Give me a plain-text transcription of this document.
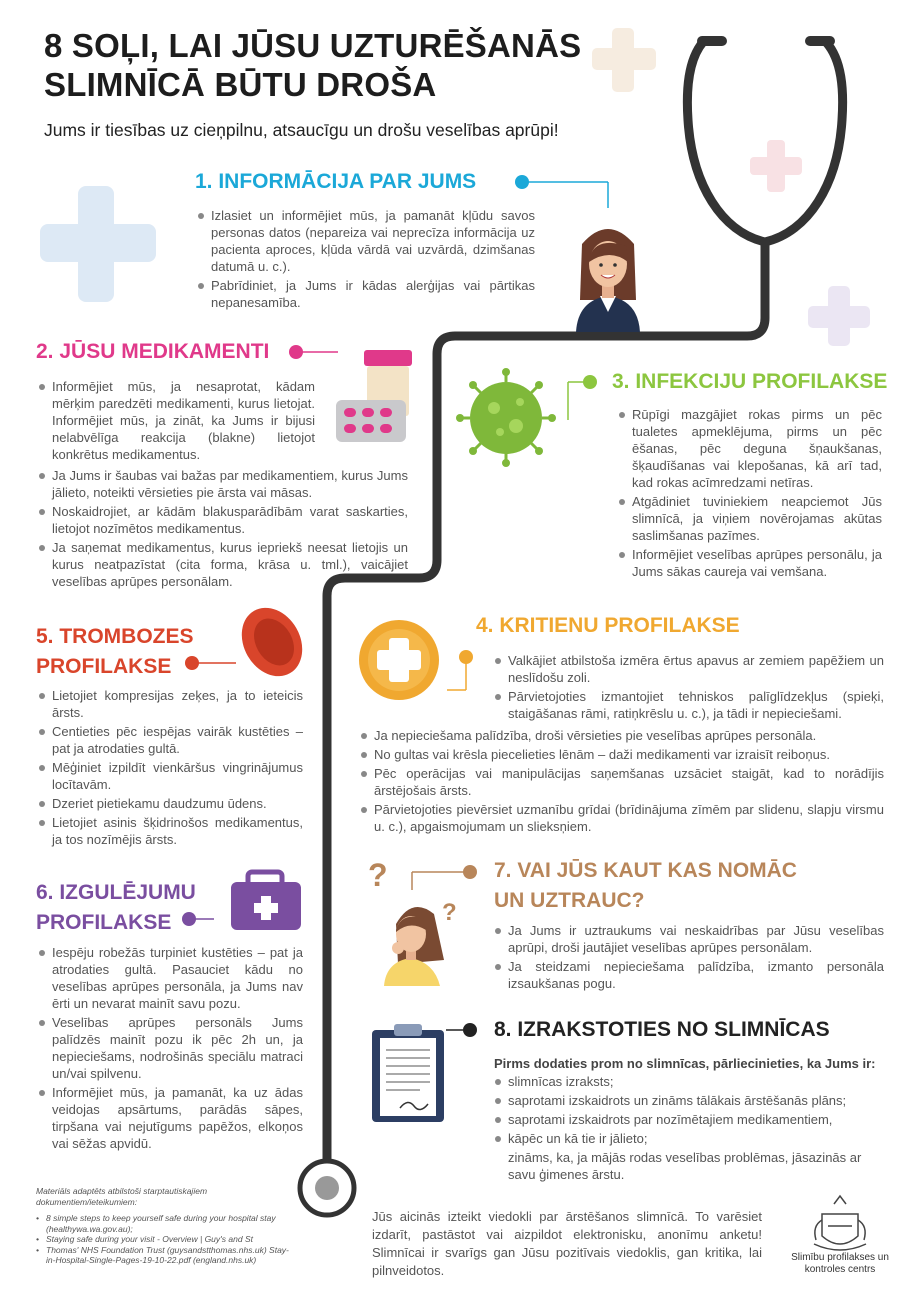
?
?
8 SOĻI, LAI JŪSU UZTURĒŠANĀS
SLIMNĪCĀ BŪTU DROŠA

Jums ir tiesības uz cieņpilnu, atsaucīgu un drošu veselības aprūpi!

1. INFORMĀCIJA PAR JUMS
Izlasiet un informējiet mūs, ja pamanāt kļūdu savos personas datos (nepareiza vai neprecīza informācija uz pacienta aproces, kļūda vārdā vai uzvārdā, dzimšanas datumā u. c.).
Pabrīdiniet, ja Jums ir kādas alerģijas vai pārtikas nepanesamība.
2. JŪSU MEDIKAMENTI
Informējiet mūs, ja nesaprotat, kādam mērķim paredzēti medikamenti, kurus lietojat. Informējiet mūs, ja zināt, ka Jums ir bijusi nelabvēlīga reakcija (blakne) lietojot konkrētus medikamentus.
Ja Jums ir šaubas vai bažas par medikamentiem, kurus Jums jālieto, noteikti vērsieties pie ārsta vai māsas.
Noskaidrojiet, ar kādām blakusparādībām varat saskarties, lietojot nozīmētos medikamentus.
Ja saņemat medikamentus, kurus iepriekš neesat lietojis un kurus neatpazīstat (cita forma, krāsa u. tml.), vaicājiet veselības aprūpes personālam.
3. INFEKCIJU PROFILAKSE
Rūpīgi mazgājiet rokas pirms un pēc tualetes apmeklējuma, pirms un pēc ēšanas, pēc deguna šņaukšanas, šķaudīšanas vai klepošanas, kā arī tad, kad rokas acīmredzami netīras.
Atgādiniet tuviniekiem neapciemot Jūs slimnīcā, ja viņiem novērojamas akūtas saslimšanas pazīmes.
Informējiet veselības aprūpes personālu, ja Jums sākas caureja vai vemšana.
4. KRITIENU PROFILAKSE
Valkājiet atbilstoša izmēra ērtus apavus ar zemiem papēžiem un neslīdošu zoli.
Pārvietojoties izmantojiet tehniskos palīglīdzekļus (spieķi, staigāšanas rāmi, ratiņkrēslu u. c.), ja tādi ir nepieciešami.
Ja nepieciešama palīdzība, droši vērsieties pie veselības aprūpes personāla.
No gultas vai krēsla piecelieties lēnām – daži medikamenti var izraisīt reiboņus.
Pēc operācijas vai manipulācijas saņemšanas uzsāciet staigāt, kad to norādījis ārstējošais ārsts.
Pārvietojoties pievērsiet uzmanību grīdai (brīdinājuma zīmēm par slidenu, slapju virsmu u. c.), apgaismojumam un slieksņiem.
5. TROMBOZES
PROFILAKSE
Lietojiet kompresijas zeķes, ja to ieteicis ārsts.
Centieties pēc iespējas vairāk kustēties – pat ja atrodaties gultā.
Mēģiniet izpildīt vienkāršus vingrinājumus locītavām.
Dzeriet pietiekamu daudzumu ūdens.
Lietojiet asinis šķidrinošos medikamentus, ja tos nozīmējis ārsts.
6. IZGULĒJUMU
PROFILAKSE
Iespēju robežās turpiniet kustēties – pat ja atrodaties gultā. Pasauciet kādu no veselības aprūpes personāla, ja Jums nav ērti un nevarat mainīt savu pozu.
Veselības aprūpes personāls Jums palīdzēs mainīt pozu ik pēc 2h un, ja nepieciešams, nodrošinās speciālu matraci un/vai spilvenu.
Informējiet mūs, ja pamanāt, ka uz ādas veidojas apsārtums, parādās sāpes, tirpšana vai nejutīgums papēžos, elkoņos vai sēžas apvidū.
7. VAI JŪS KAUT KAS NOMĀC
UN UZTRAUC?
Ja Jums ir uztraukums vai neskaidrības par Jūsu veselības aprūpi, droši jautājiet veselības aprūpes personālam.
Ja steidzami nepieciešama palīdzība, izmanto personāla izsaukšanas pogu.
8. IZRAKSTOTIES NO SLIMNĪCAS

Pirms dodaties prom no slimnīcas, pārliecinieties, ka Jums ir:

slimnīcas izraksts;
saprotami izskaidrots un zināms tālākais ārstēšanās plāns;
saprotami izskaidrots par nozīmētajiem medikamentiem,
kāpēc un kā tie ir jālieto;

zināms, ka, ja mājās rodas veselības problēmas, jāsazinās ar savu ģimenes ārstu.

Materiāls adaptēts atbilstoši starptautiskajiem dokumentiem/ieteikumiem:

• 8 simple steps to keep yourself safe during your hospital stay (healthywa.wa.gov.au);
• Staying safe during your visit - Overview | Guy's and St
• Thomas' NHS Foundation Trust (guysandstthomas.nhs.uk) Stay-in-Hospital-Single-Pages-19-10-22.pdf (england.nhs.uk)

Jūs aicinās izteikt viedokli par ārstēšanos slimnīcā. To varēsiet izdarīt, pastāstot vai aizpildot elektronisku, anonīmu anketu! Slimnīcai ir svarīgs gan Jūsu pozitīvais viedoklis, gan kritika, lai pilnveidotos.

Slimību profilakses un
kontroles centrs
